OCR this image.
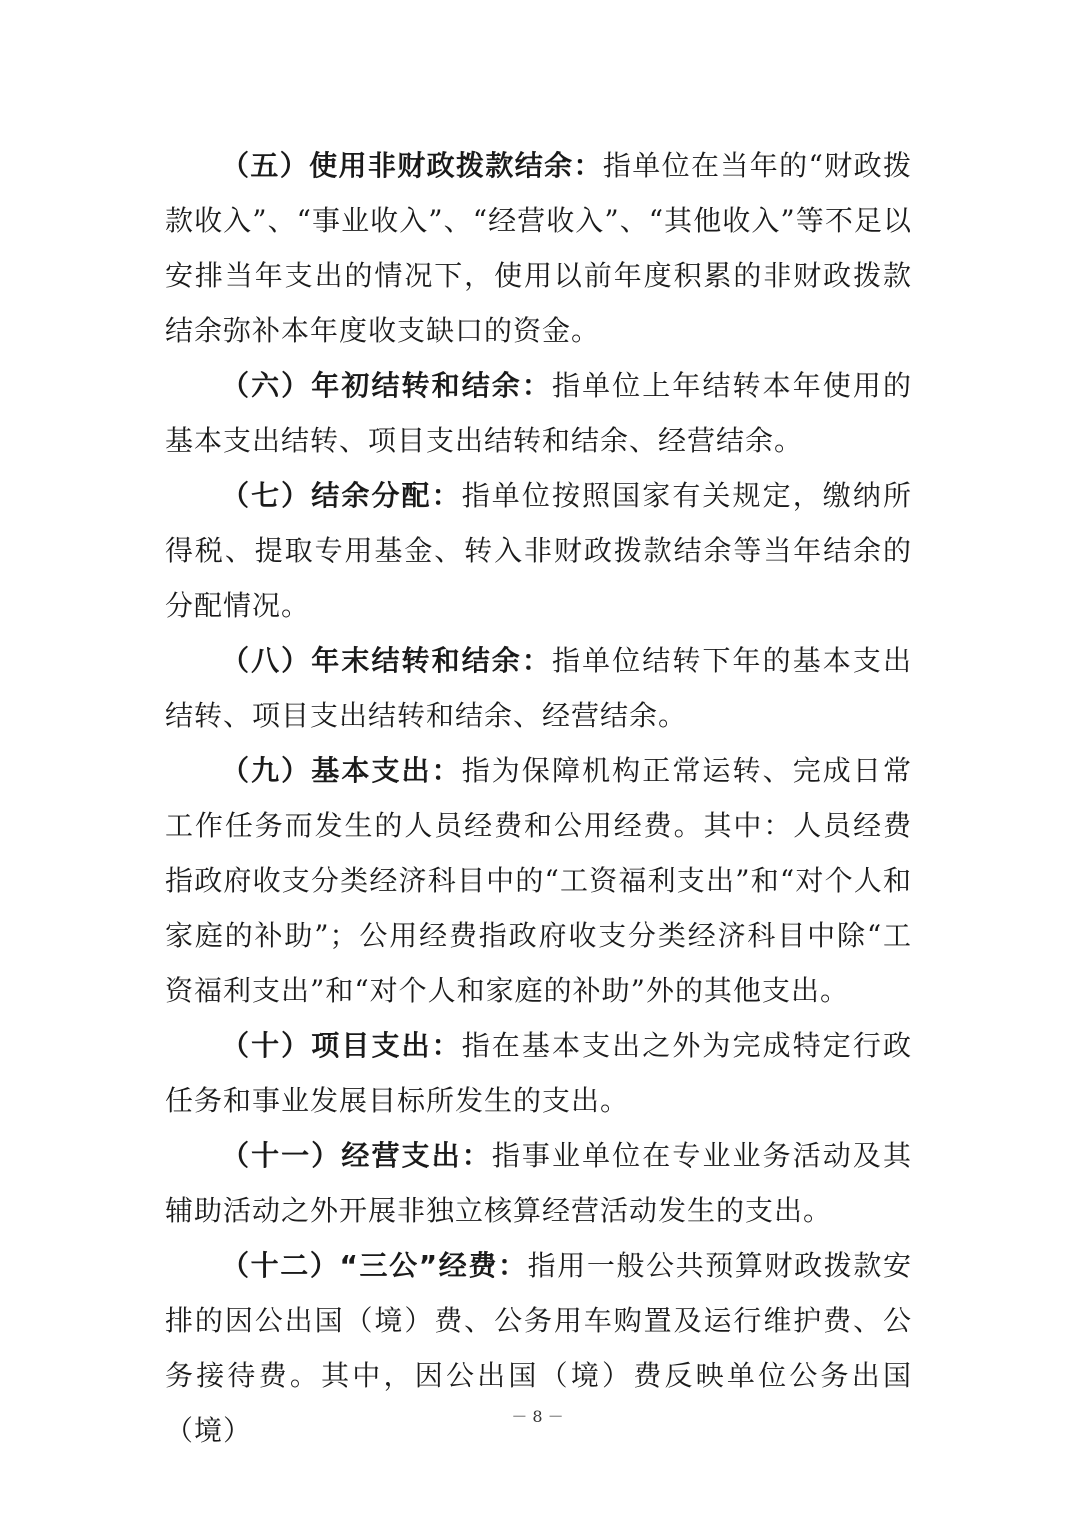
（五）使用非财政拨款结余：指单位在当年的“财政拨款收入”、“事业收入”、“经营收入”、“其他收入”等不足以安排当年支出的情况下，使用以前年度积累的非财政拨款结余弥补本年度收支缺口的资金。

（六）年初结转和结余：指单位上年结转本年使用的基本支出结转、项目支出结转和结余、经营结余。

（七）结余分配：指单位按照国家有关规定，缴纳所得税、提取专用基金、转入非财政拨款结余等当年结余的分配情况。

（八）年末结转和结余：指单位结转下年的基本支出结转、项目支出结转和结余、经营结余。

（九）基本支出：指为保障机构正常运转、完成日常工作任务而发生的人员经费和公用经费。其中：人员经费指政府收支分类经济科目中的“工资福利支出”和“对个人和家庭的补助”；公用经费指政府收支分类经济科目中除“工资福利支出”和“对个人和家庭的补助”外的其他支出。

（十）项目支出：指在基本支出之外为完成特定行政任务和事业发展目标所发生的支出。

（十一）经营支出：指事业单位在专业业务活动及其辅助活动之外开展非独立核算经营活动发生的支出。

（十二）“三公”经费：指用一般公共预算财政拨款安排的因公出国（境）费、公务用车购置及运行维护费、公务接待费。其中，因公出国（境）费反映单位公务出国（境）	－ 8 －
